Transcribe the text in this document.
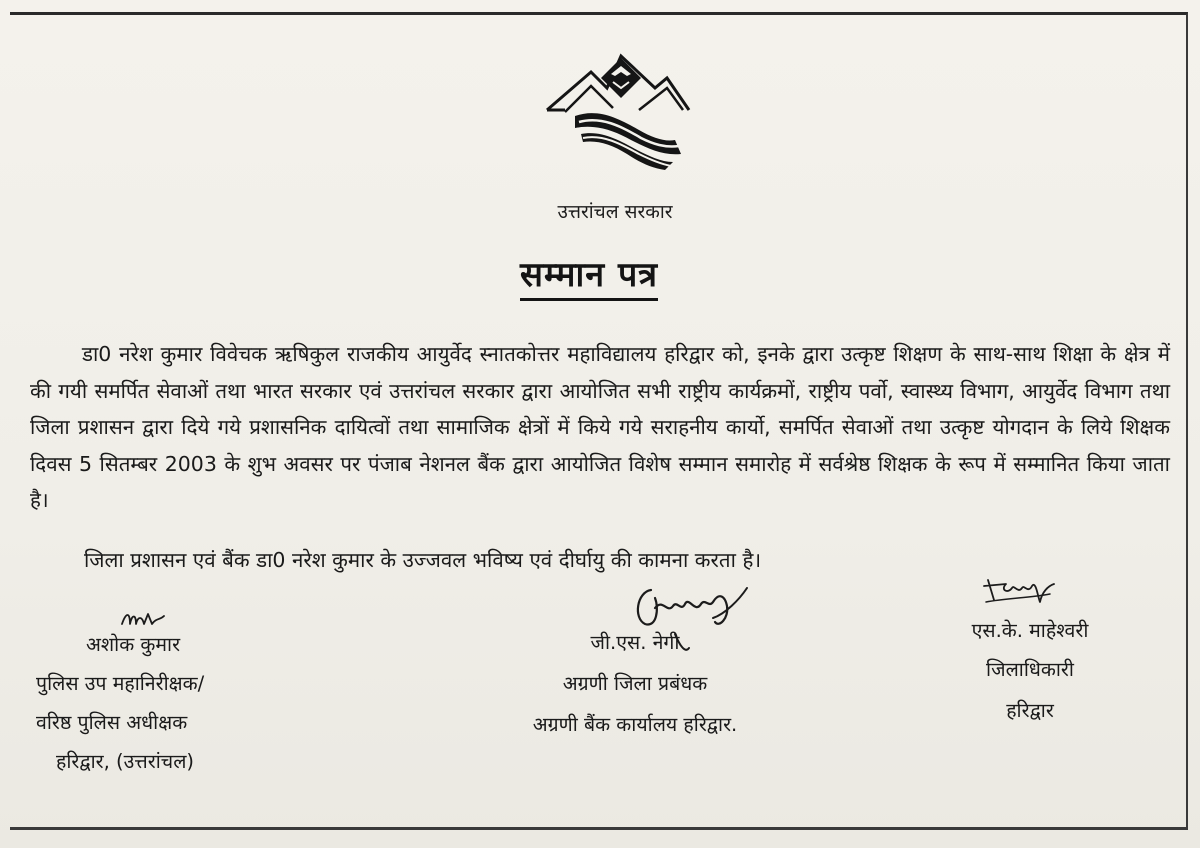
उत्तरांचल सरकार
सम्मान पत्र

डा0 नरेश कुमार विवेचक ऋषिकुल राजकीय आयुर्वेद स्नातकोत्तर महाविद्यालय हरिद्वार को, इनके द्वारा उत्कृष्ट शिक्षण के साथ-साथ शिक्षा के क्षेत्र में की गयी समर्पित सेवाओं तथा भारत सरकार एवं उत्तरांचल सरकार द्वारा आयोजित सभी राष्ट्रीय कार्यक्रमों, राष्ट्रीय पर्वो, स्वास्थ्य विभाग, आयुर्वेद विभाग तथा जिला प्रशासन द्वारा दिये गये प्रशासनिक दायित्वों तथा सामाजिक क्षेत्रों में किये गये सराहनीय कार्यो, समर्पित सेवाओं तथा उत्कृष्ट योगदान के लिये शिक्षक दिवस 5 सितम्बर 2003 के शुभ अवसर पर पंजाब नेशनल बैंक द्वारा आयोजित विशेष सम्मान समारोह में सर्वश्रेष्ठ शिक्षक के रूप में सम्मानित किया जाता है।

जिला प्रशासन एवं बैंक डा0 नरेश कुमार के उज्जवल भविष्य एवं दीर्घायु की कामना करता है।
अशोक कुमार
पुलिस उप महानिरीक्षक/
वरिष्ठ पुलिस अधीक्षक
हरिद्वार, (उत्तरांचल)
जी.एस. नेगी
अग्रणी जिला प्रबंधक
अग्रणी बैंक कार्यालय हरिद्वार.
एस.के. माहेश्वरी
जिलाधिकारी
हरिद्वार
